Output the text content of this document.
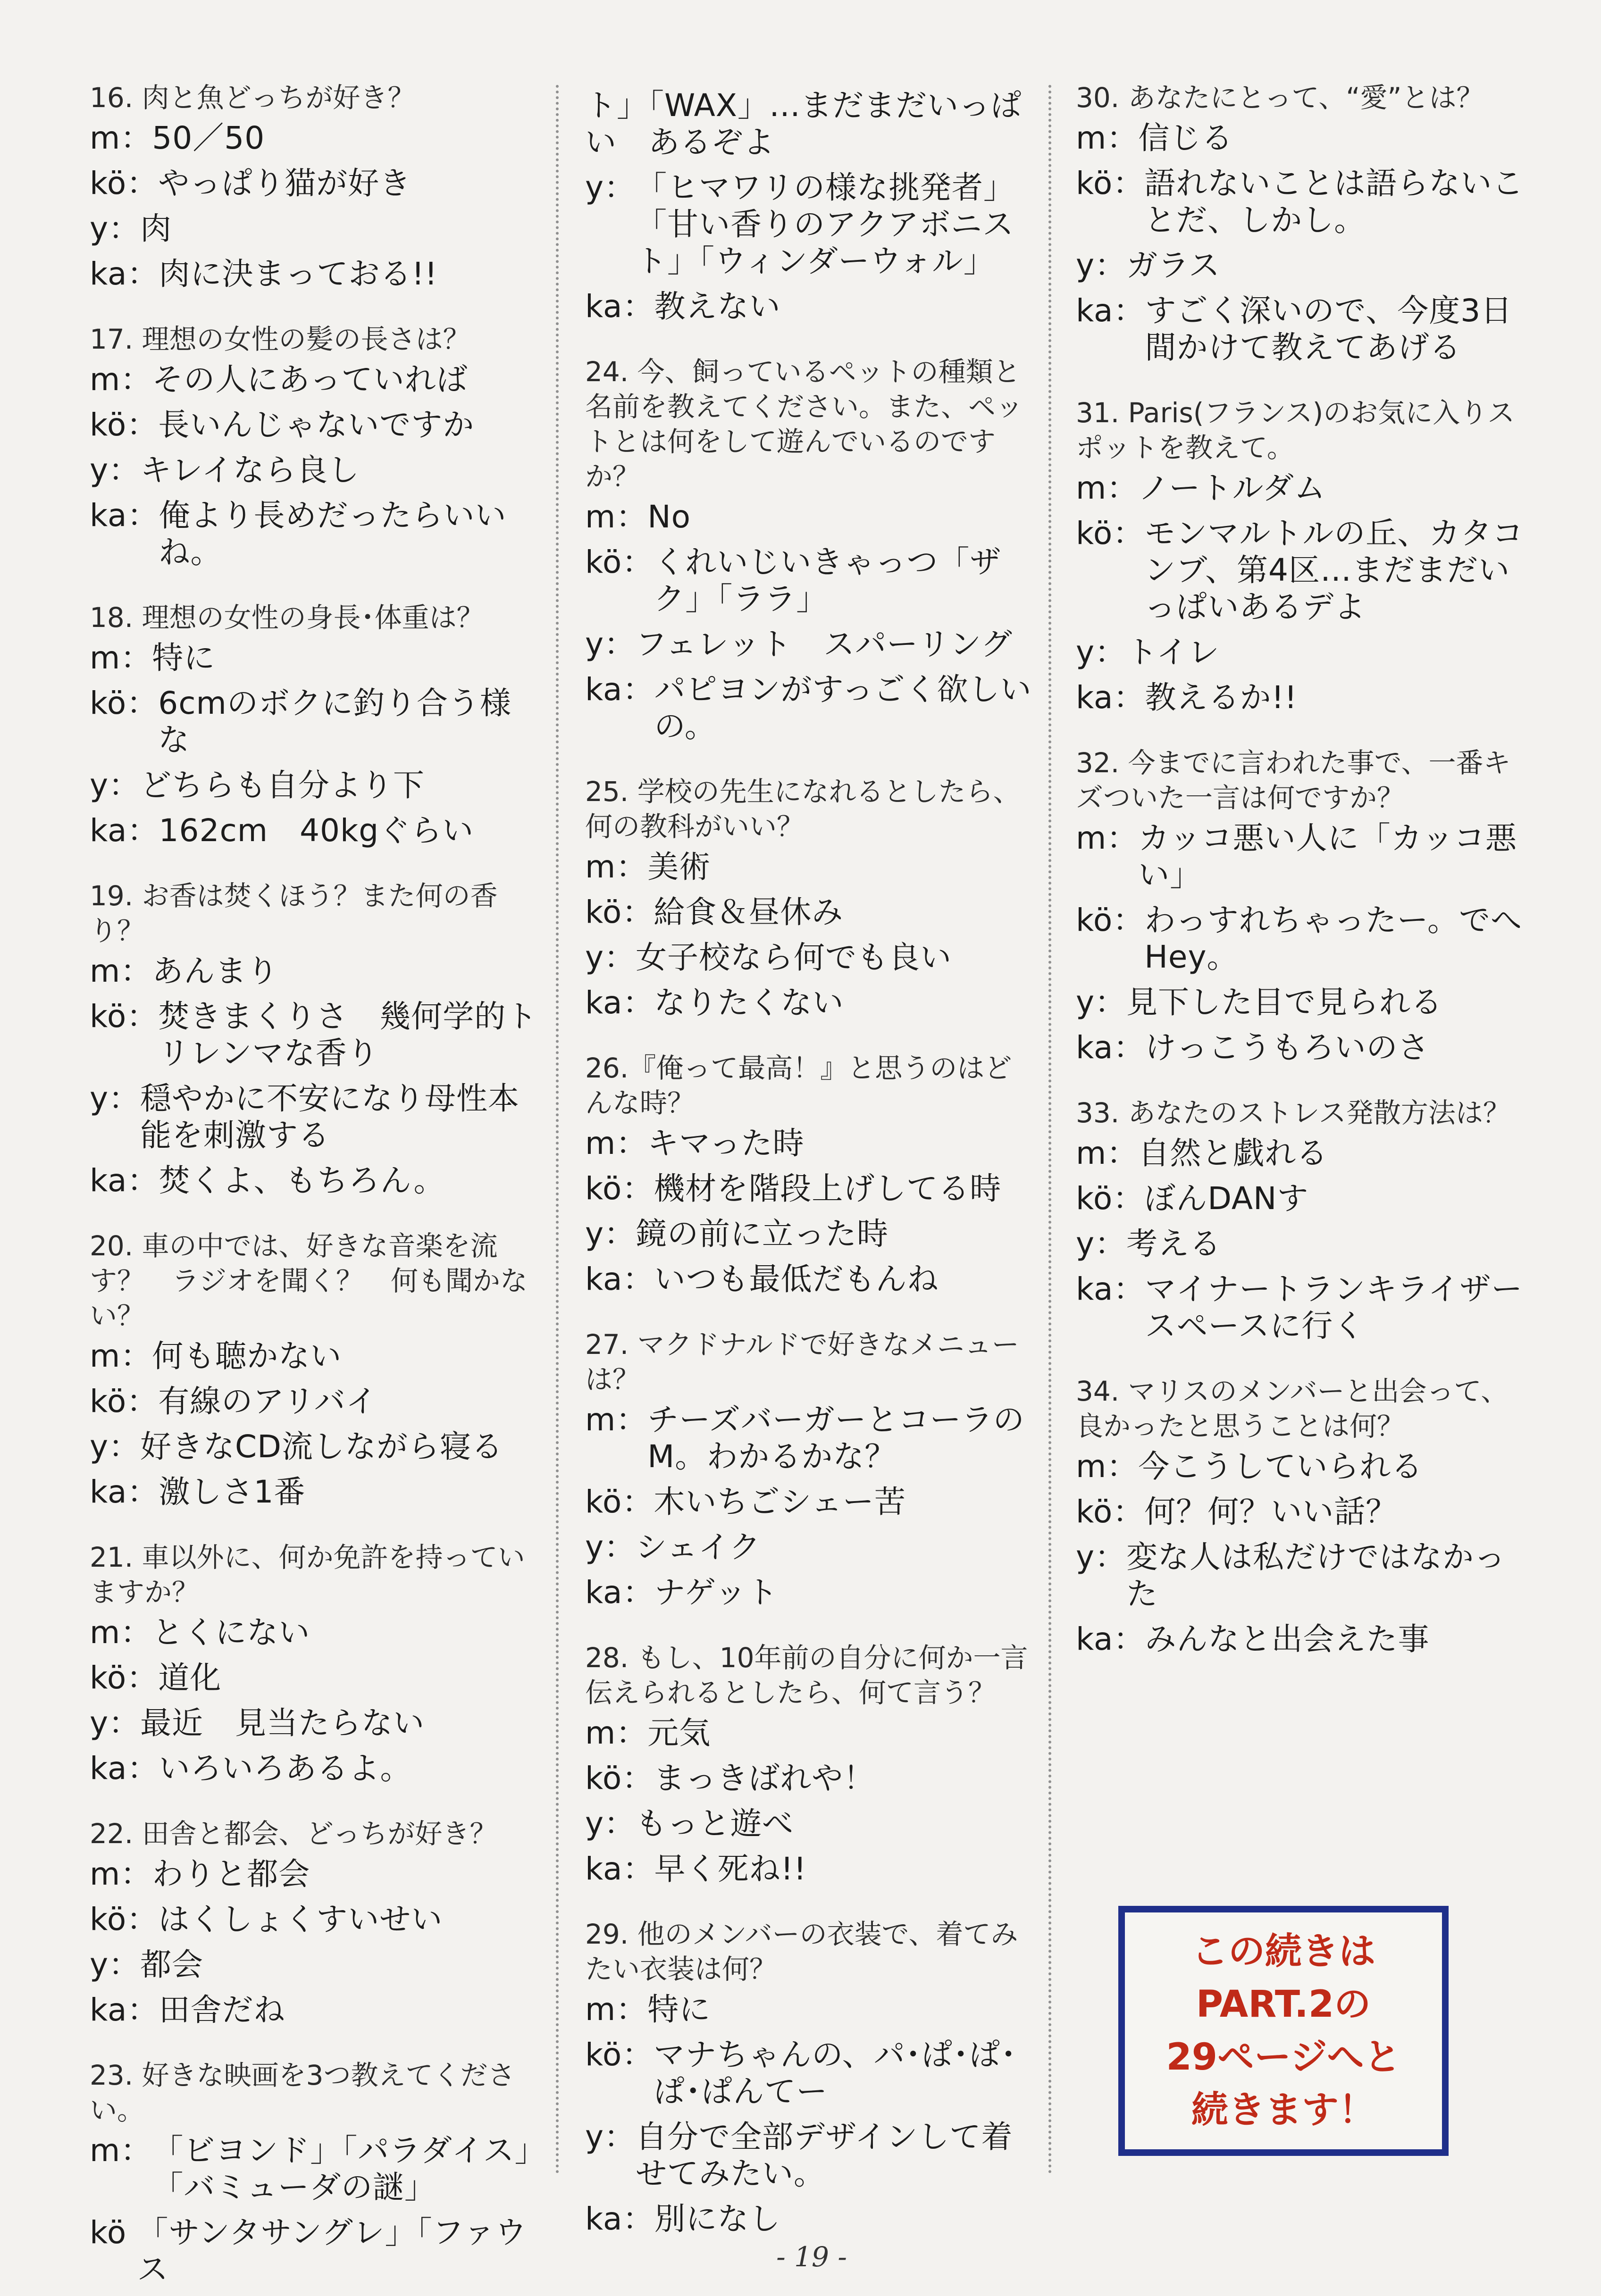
16. 肉と魚どっちが好き？
m： 50／50
kö： やっぱり猫が好き
y： 肉
ka： 肉に決まっておる!!
17. 理想の女性の髪の長さは？
m： その人にあっていれば
kö： 長いんじゃないですか
y： キレイなら良し
ka： 俺より長めだったらいいね。
18. 理想の女性の身長･体重は？
m： 特に
kö： 6cmのボクに釣り合う様な
y： どちらも自分より下
ka： 162cm　40kgぐらい
19. お香は焚くほう？また何の香り？
m： あんまり
kö： 焚きまくりさ　幾何学的トリレンマな香り
y： 穏やかに不安になり母性本能を刺激する
ka： 焚くよ、もちろん。
20. 車の中では、好きな音楽を流す？　ラジオを聞く？　何も聞かない？
m： 何も聴かない
kö： 有線のアリバイ
y： 好きなCD流しながら寝る
ka： 激しさ1番
21. 車以外に、何か免許を持っていますか？
m： とくにない
kö： 道化
y： 最近　見当たらない
ka： いろいろあるよ。
22. 田舎と都会、どっちが好き？
m： わりと都会
kö： はくしょくすいせい
y： 都会
ka： 田舎だね
23. 好きな映画を3つ教えてください。
m： 「ビヨンド」「パラダイス」「バミューダの謎」
kö 「サンタサングレ」「ファウス
ト」「WAX」…まだまだいっぱい　あるぞよ
y： 「ヒマワリの様な挑発者」「甘い香りのアクアボニスト」「ウィンダーウォル」
ka： 教えない
24. 今、飼っているペットの種類と名前を教えてください。また、ペットとは何をして遊んでいるのですか？
m： No
kö： くれいじいきゃっつ「ザク」「ララ」
y： フェレット　スパーリング
ka： パピヨンがすっごく欲しいの。
25. 学校の先生になれるとしたら、何の教科がいい？
m： 美術
kö： 給食＆昼休み
y： 女子校なら何でも良い
ka： なりたくない
26.『俺って最高！』と思うのはどんな時？
m： キマった時
kö： 機材を階段上げしてる時
y： 鏡の前に立った時
ka： いつも最低だもんね
27. マクドナルドで好きなメニューは？
m： チーズバーガーとコーラのM。わかるかな？
kö： 木いちごシェー苦
y： シェイク
ka： ナゲット
28. もし、10年前の自分に何か一言伝えられるとしたら、何て言う？
m： 元気
kö： まっきばれや！
y： もっと遊べ
ka： 早く死ね!!
29. 他のメンバーの衣装で、着てみたい衣装は何？
m： 特に
kö： マナちゃんの、パ･ぱ･ぱ･ぱ･ぱんてー
y： 自分で全部デザインして着せてみたい。
ka： 別になし
30. あなたにとって、“愛”とは？
m： 信じる
kö： 語れないことは語らないことだ、しかし。
y： ガラス
ka： すごく深いので、今度3日間かけて教えてあげる
31. Paris(フランス)のお気に入りスポットを教えて。
m： ノートルダム
kö： モンマルトルの丘、カタコンブ、第4区…まだまだいっぱいあるデよ
y： トイレ
ka： 教えるか!!
32. 今までに言われた事で、一番キズついた一言は何ですか？
m： カッコ悪い人に「カッコ悪い」
kö： わっすれちゃったー。でへHey。
y： 見下した目で見られる
ka： けっこうもろいのさ
33. あなたのストレス発散方法は？
m： 自然と戯れる
kö： ぼんDANす
y： 考える
ka： マイナートランキライザースペースに行く
34. マリスのメンバーと出会って、良かったと思うことは何？
m： 今こうしていられる
kö： 何？何？いい話？
y： 変な人は私だけではなかった
ka： みんなと出会えた事
この続きは
PART.2の
29ページへと
続きます！
- 19 -
